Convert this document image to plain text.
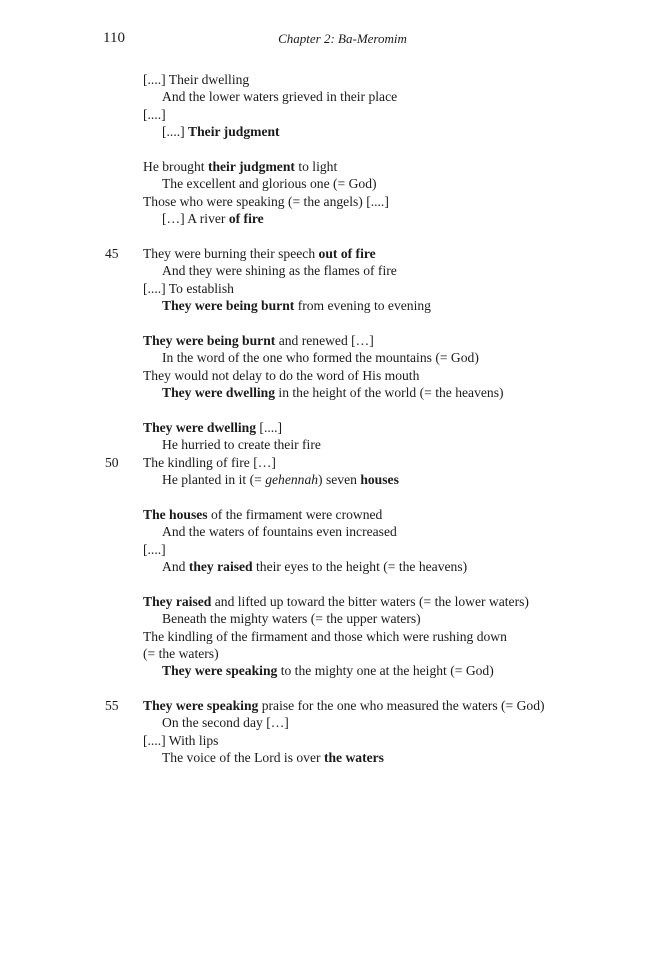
110	Chapter 2: Ba-Meromim
[....] Their dwelling
And the lower waters grieved in their place
[....]
[....] Their judgment
He brought their judgment to light
The excellent and glorious one (= God)
Those who were speaking (= the angels) [....]
[…] A river of fire
45 They were burning their speech out of fire
And they were shining as the flames of fire
[....] To establish
They were being burnt from evening to evening
They were being burnt and renewed […]
In the word of the one who formed the mountains (= God)
They would not delay to do the word of His mouth
They were dwelling in the height of the world (= the heavens)
They were dwelling [....]
He hurried to create their fire
50 The kindling of fire […]
He planted in it (= gehennah) seven houses
The houses of the firmament were crowned
And the waters of fountains even increased
[....]
And they raised their eyes to the height (= the heavens)
They raised and lifted up toward the bitter waters (= the lower waters)
Beneath the mighty waters (= the upper waters)
The kindling of the firmament and those which were rushing down
(= the waters)
They were speaking to the mighty one at the height (= God)
55 They were speaking praise for the one who measured the waters (= God)
On the second day […]
[....] With lips
The voice of the Lord is over the waters
